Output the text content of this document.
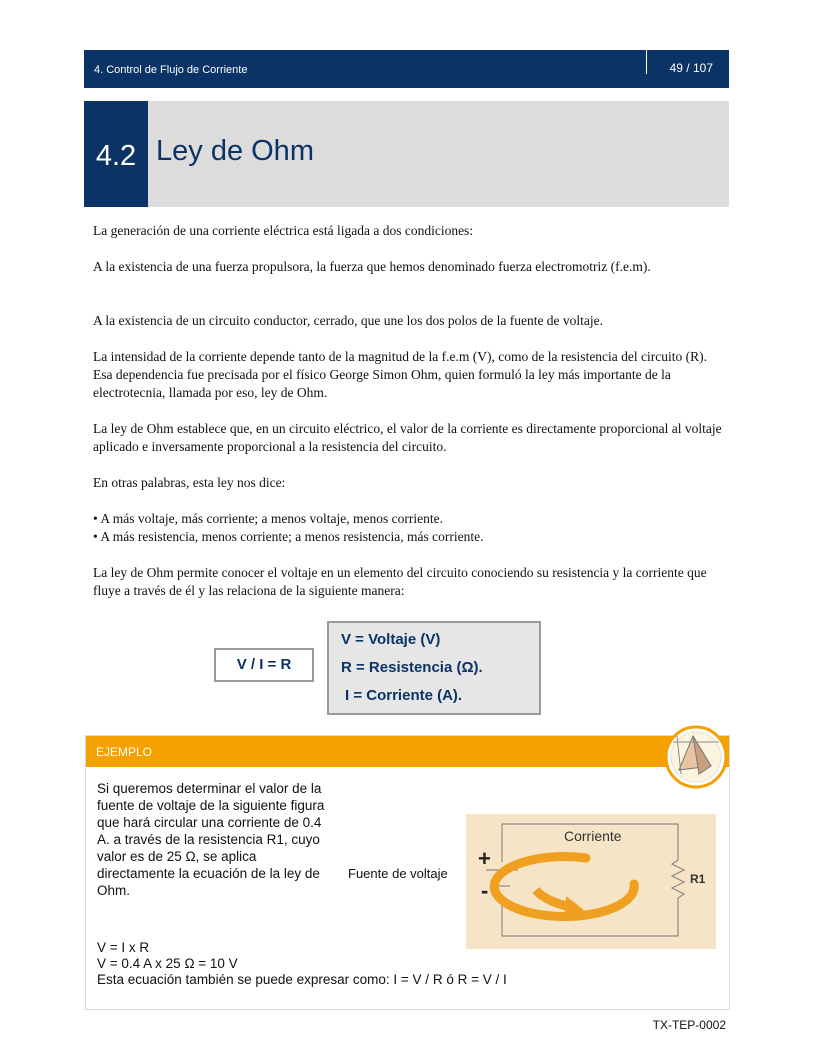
4. Control de Flujo de Corriente	49 / 107
4.2 Ley de Ohm

La generación de una corriente eléctrica está ligada a dos condiciones:

A la existencia de una fuerza propulsora, la fuerza que hemos denominado fuerza electromotriz (f.e.m).

A la existencia de un circuito conductor, cerrado, que une los dos polos de la fuente de voltaje.

La intensidad de la corriente depende tanto de la magnitud de la f.e.m (V), como de la resistencia del circuito (R). Esa dependencia fue precisada por el físico George Simon Ohm, quien formuló la ley más importante de la electrotecnia, llamada por eso, ley de Ohm.

La ley de Ohm establece que, en un circuito eléctrico, el valor de la corriente es directamente proporcional al voltaje aplicado e inversamente proporcional a la resistencia del circuito.

En otras palabras, esta ley nos dice:

• A más voltaje, más corriente; a menos voltaje, menos corriente.

• A más resistencia, menos corriente; a menos resistencia, más corriente.

La ley de Ohm permite conocer el voltaje en un elemento del circuito conociendo su resistencia y la corriente que fluye a través de él y las relaciona de la siguiente manera:

V / I = R
V = Voltaje (V)
R = Resistencia (Ω).
I = Corriente (A).
EJEMPLO
Si queremos determinar el valor de la fuente de voltaje de la siguiente figura que hará circular una corriente de 0.4 A. a través de la resistencia R1, cuyo valor es de 25 Ω, se aplica directamente la ecuación de la ley de Ohm.
Fuente de voltaje
Corriente
+
-	R1
V = I x R
V = 0.4 A x 25 Ω = 10 V
Esta ecuación también se puede expresar como: I = V / R ó R = V / I
TX-TEP-0002
